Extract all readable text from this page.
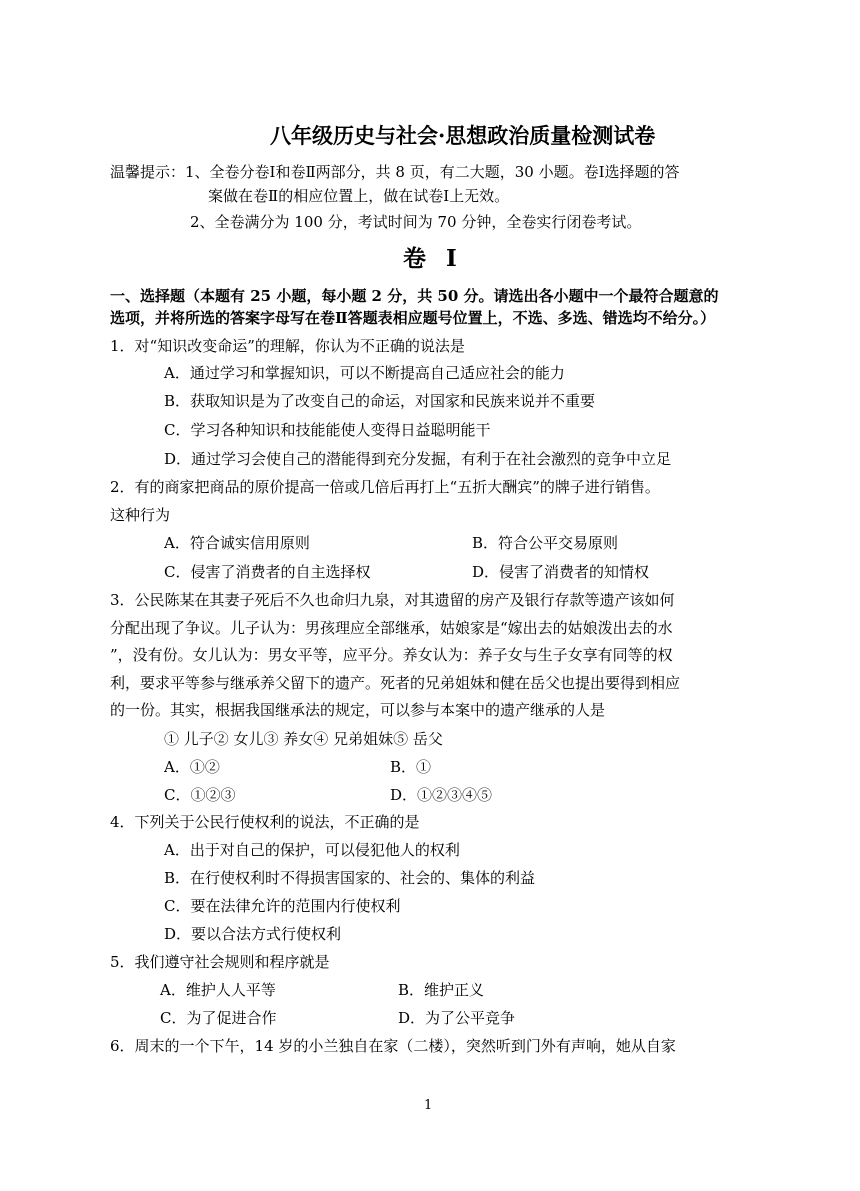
八年级历史与社会·思想政治质量检测试卷
温馨提示：1、全卷分卷Ⅰ和卷Ⅱ两部分，共 8 页，有二大题，30 小题。卷Ⅰ选择题的答
案做在卷Ⅱ的相应位置上，做在试卷Ⅰ上无效。
2、全卷满分为 100 分，考试时间为 70 分钟，全卷实行闭卷考试。
卷 Ⅰ
一、选择题（本题有 25 小题，每小题 2 分，共 50 分。请选出各小题中一个最符合题意的
选项，并将所选的答案字母写在卷Ⅱ答题表相应题号位置上，不选、多选、错选均不给分。）
1．对“知识改变命运”的理解，你认为不正确的说法是
A．通过学习和掌握知识，可以不断提高自己适应社会的能力
B．获取知识是为了改变自己的命运，对国家和民族来说并不重要
C．学习各种知识和技能能使人变得日益聪明能干
D．通过学习会使自己的潜能得到充分发掘，有利于在社会激烈的竞争中立足
2．有的商家把商品的原价提高一倍或几倍后再打上“五折大酬宾”的牌子进行销售。
这种行为
A．符合诚实信用原则	B．符合公平交易原则
C．侵害了消费者的自主选择权	D．侵害了消费者的知情权
3．公民陈某在其妻子死后不久也命归九泉，对其遗留的房产及银行存款等遗产该如何
分配出现了争议。儿子认为：男孩理应全部继承，姑娘家是“嫁出去的姑娘泼出去的水
”，没有份。女儿认为：男女平等，应平分。养女认为：养子女与生子女享有同等的权
利，要求平等参与继承养父留下的遗产。死者的兄弟姐妹和健在岳父也提出要得到相应
的一份。其实，根据我国继承法的规定，可以参与本案中的遗产继承的人是
① 儿子② 女儿③ 养女④ 兄弟姐妹⑤ 岳父
A．①②	B．①
C．①②③	D．①②③④⑤
4．下列关于公民行使权利的说法，不正确的是
A．出于对自己的保护，可以侵犯他人的权利
B．在行使权利时不得损害国家的、社会的、集体的利益
C．要在法律允许的范围内行使权利
D．要以合法方式行使权利
5．我们遵守社会规则和程序就是
A．维护人人平等	B．维护正义
C．为了促进合作	D．为了公平竞争
6．周末的一个下午，14 岁的小兰独自在家（二楼），突然听到门外有声响，她从自家
1
